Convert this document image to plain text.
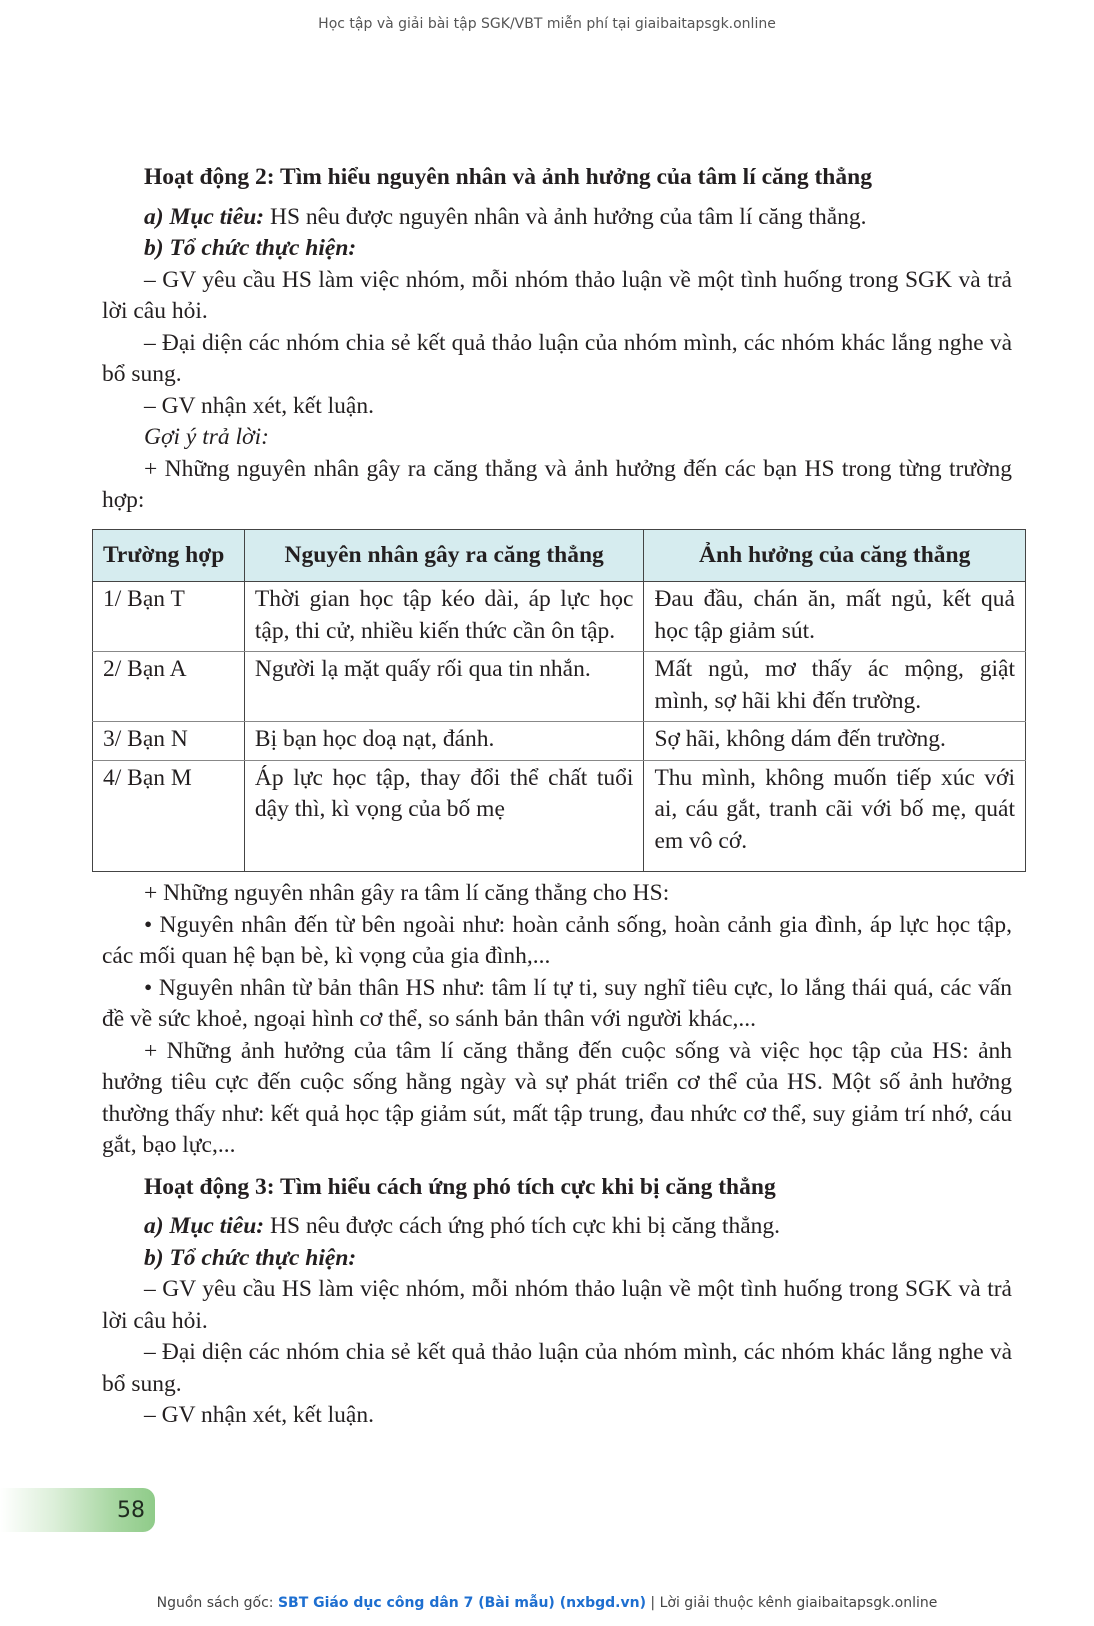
Học tập và giải bài tập SGK/VBT miễn phí tại giaibaitapsgk.online

Hoạt động 2: Tìm hiểu nguyên nhân và ảnh hưởng của tâm lí căng thẳng

a) Mục tiêu: HS nêu được nguyên nhân và ảnh hưởng của tâm lí căng thẳng.

b) Tổ chức thực hiện:

– GV yêu cầu HS làm việc nhóm, mỗi nhóm thảo luận về một tình huống trong SGK và trả lời câu hỏi.

– Đại diện các nhóm chia sẻ kết quả thảo luận của nhóm mình, các nhóm khác lắng nghe và bổ sung.

– GV nhận xét, kết luận.

Gợi ý trả lời:

+ Những nguyên nhân gây ra căng thẳng và ảnh hưởng đến các bạn HS trong từng trường hợp:

Trường hợp	Nguyên nhân gây ra căng thẳng	Ảnh hưởng của căng thẳng
1/ Bạn T	Thời gian học tập kéo dài, áp lực học tập, thi cử, nhiều kiến thức cần ôn tập.	Đau đầu, chán ăn, mất ngủ, kết quả học tập giảm sút.
2/ Bạn A	Người lạ mặt quấy rối qua tin nhắn.	Mất ngủ, mơ thấy ác mộng, giật mình, sợ hãi khi đến trường.
3/ Bạn N	Bị bạn học doạ nạt, đánh.	Sợ hãi, không dám đến trường.
4/ Bạn M	Áp lực học tập, thay đổi thể chất tuổi dậy thì, kì vọng của bố mẹ	Thu mình, không muốn tiếp xúc với ai, cáu gắt, tranh cãi với bố mẹ, quát em vô cớ.

+ Những nguyên nhân gây ra tâm lí căng thẳng cho HS:

• Nguyên nhân đến từ bên ngoài như: hoàn cảnh sống, hoàn cảnh gia đình, áp lực học tập, các mối quan hệ bạn bè, kì vọng của gia đình,...

• Nguyên nhân từ bản thân HS như: tâm lí tự ti, suy nghĩ tiêu cực, lo lắng thái quá, các vấn đề về sức khoẻ, ngoại hình cơ thể, so sánh bản thân với người khác,...

+ Những ảnh hưởng của tâm lí căng thẳng đến cuộc sống và việc học tập của HS: ảnh hưởng tiêu cực đến cuộc sống hằng ngày và sự phát triển cơ thể của HS. Một số ảnh hưởng thường thấy như: kết quả học tập giảm sút, mất tập trung, đau nhức cơ thể, suy giảm trí nhớ, cáu gắt, bạo lực,...

Hoạt động 3: Tìm hiểu cách ứng phó tích cực khi bị căng thẳng

a) Mục tiêu: HS nêu được cách ứng phó tích cực khi bị căng thẳng.

b) Tổ chức thực hiện:

– GV yêu cầu HS làm việc nhóm, mỗi nhóm thảo luận về một tình huống trong SGK và trả lời câu hỏi.

– Đại diện các nhóm chia sẻ kết quả thảo luận của nhóm mình, các nhóm khác lắng nghe và bổ sung.

– GV nhận xét, kết luận.

58
Nguồn sách gốc: SBT Giáo dục công dân 7 (Bài mẫu) (nxbgd.vn) | Lời giải thuộc kênh giaibaitapsgk.online
